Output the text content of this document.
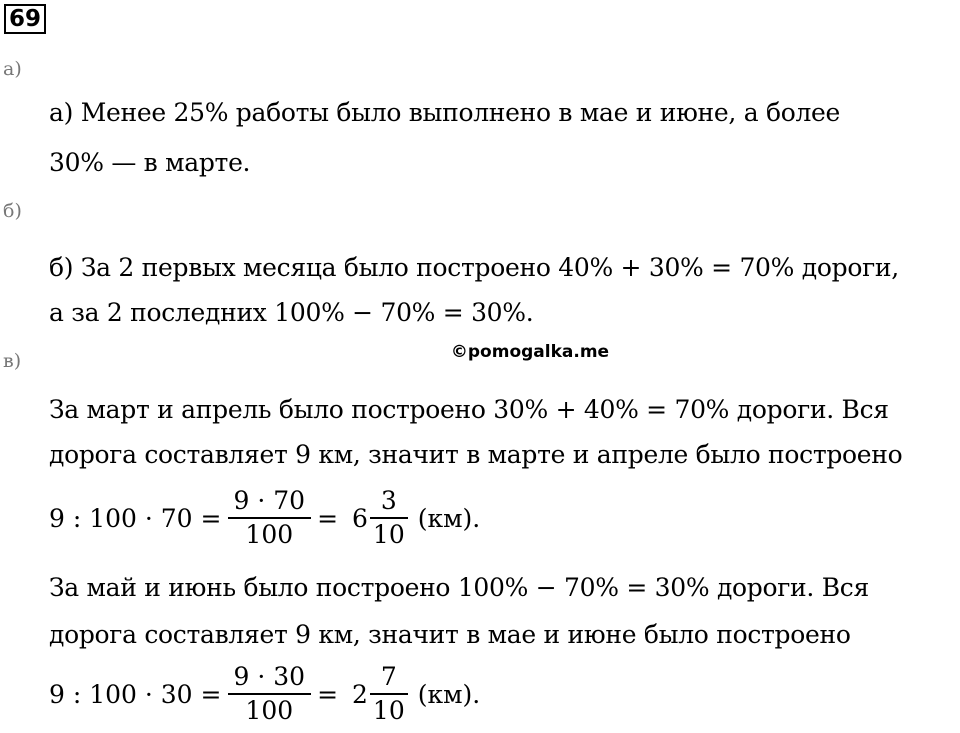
69
а)
а) Менее 25% работы было выполнено в мае и июне, а более
30% — в марте.
б)
б) За 2 первых месяца было построено 40% + 30% = 70% дороги,
а за 2 последних 100% − 70% = 30%.
в)	©pomogalka.me
За март и апрель было построено 30% + 40% = 70% дороги. Вся
дорога составляет 9 км, значит в марте и апреле было построено
9 : $100 \cdot 70 = \frac{9 \cdot 70}{100} = 6 \frac{3}{10} (км)$.
За май и июнь было построено 100% − 70% = 30% дороги. Вся
дорога составляет 9 км, значит в мае и июне было построено
9 : $100 \cdot 30 = \frac{9 \cdot 30}{100} = 2 \frac{7}{10} (км)$.
